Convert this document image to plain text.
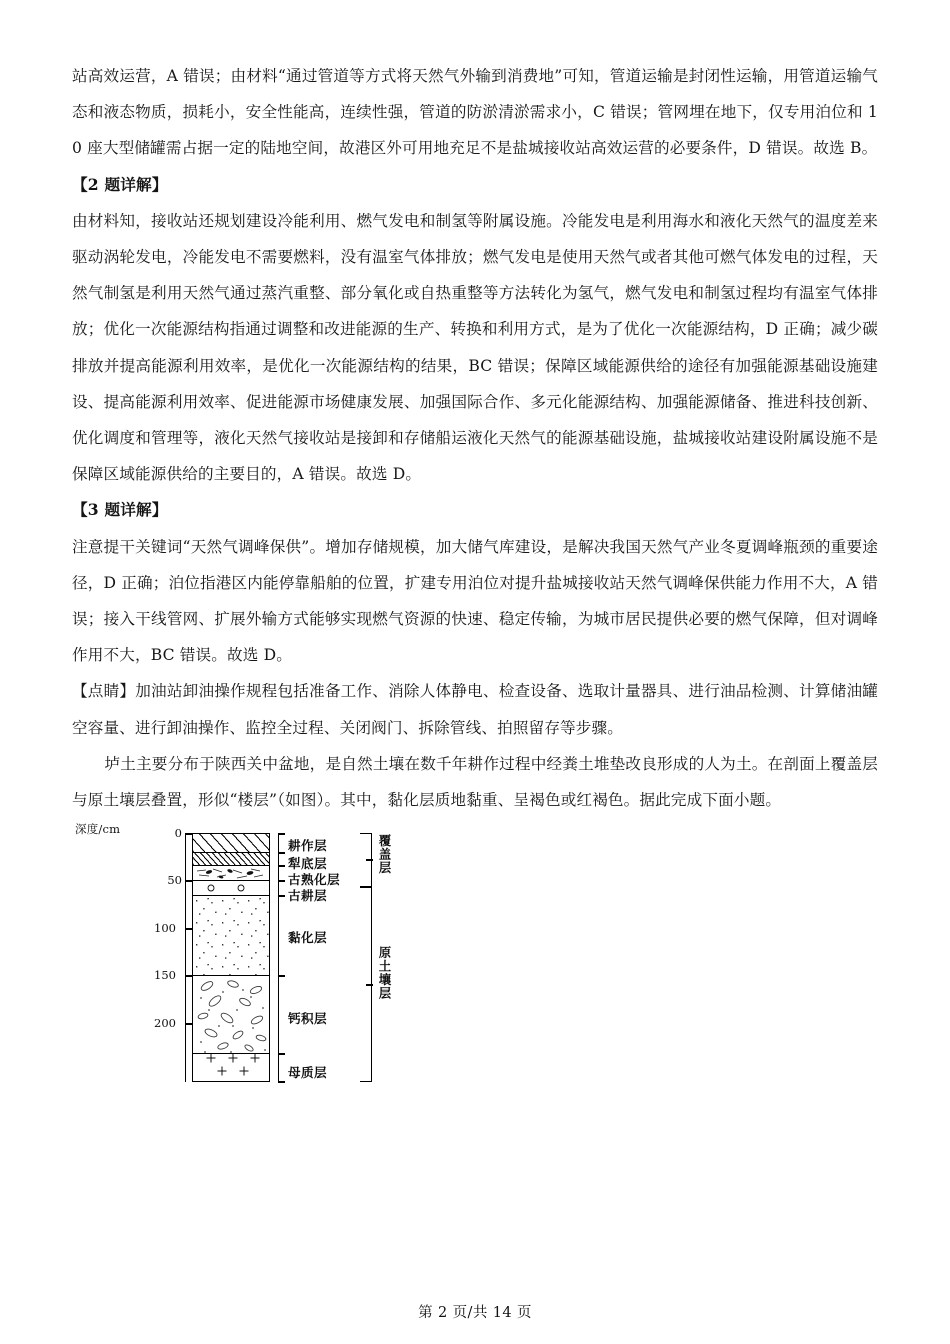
站高效运营，A 错误；由材料“通过管道等方式将天然气外输到消费地”可知，管道运输是封闭性运输，用管道运输气态和液态物质，损耗小，安全性能高，连续性强，管道的防淤清淤需求小，C 错误；管网埋在地下，仅专用泊位和 10 座大型储罐需占据一定的陆地空间，故港区外可用地充足不是盐城接收站高效运营的必要条件，D 错误。故选 B。

【2 题详解】

由材料知，接收站还规划建设冷能利用、燃气发电和制氢等附属设施。冷能发电是利用海水和液化天然气的温度差来驱动涡轮发电，冷能发电不需要燃料，没有温室气体排放；燃气发电是使用天然气或者其他可燃气体发电的过程，天然气制氢是利用天然气通过蒸汽重整、部分氧化或自热重整等方法转化为氢气，燃气发电和制氢过程均有温室气体排放；优化一次能源结构指通过调整和改进能源的生产、转换和利用方式，是为了优化一次能源结构，D 正确；减少碳排放并提高能源利用效率，是优化一次能源结构的结果，BC 错误；保障区域能源供给的途径有加强能源基础设施建设、提高能源利用效率、促进能源市场健康发展、加强国际合作、多元化能源结构、加强能源储备、推进科技创新、优化调度和管理等，液化天然气接收站是接卸和存储船运液化天然气的能源基础设施，盐城接收站建设附属设施不是保障区域能源供给的主要目的，A 错误。故选 D。

【3 题详解】

注意提干关键词“天然气调峰保供”。增加存储规模，加大储气库建设，是解决我国天然气产业冬夏调峰瓶颈的重要途径，D 正确；泊位指港区内能停靠船舶的位置，扩建专用泊位对提升盐城接收站天然气调峰保供能力作用不大，A 错误；接入干线管网、扩展外输方式能够实现燃气资源的快速、稳定传输，为城市居民提供必要的燃气保障，但对调峰作用不大，BC 错误。故选 D。

【点睛】加油站卸油操作规程包括准备工作、消除人体静电、检查设备、选取计量器具、进行油品检测、计算储油罐空容量、进行卸油操作、监控全过程、关闭阀门、拆除管线、拍照留存等步骤。

垆土主要分布于陕西关中盆地，是自然土壤在数千年耕作过程中经粪土堆垫改良形成的人为土。在剖面上覆盖层与原土壤层叠置，形似“楼层”（如图）。其中，黏化层质地黏重、呈褐色或红褐色。据此完成下面小题。

深度/cm	0
50
100
150
200
耕作层
犁底层
古熟化层
古耕层
黏化层
钙积层
母质层
覆盖层
原土壤层
第 2 页/共 14 页
